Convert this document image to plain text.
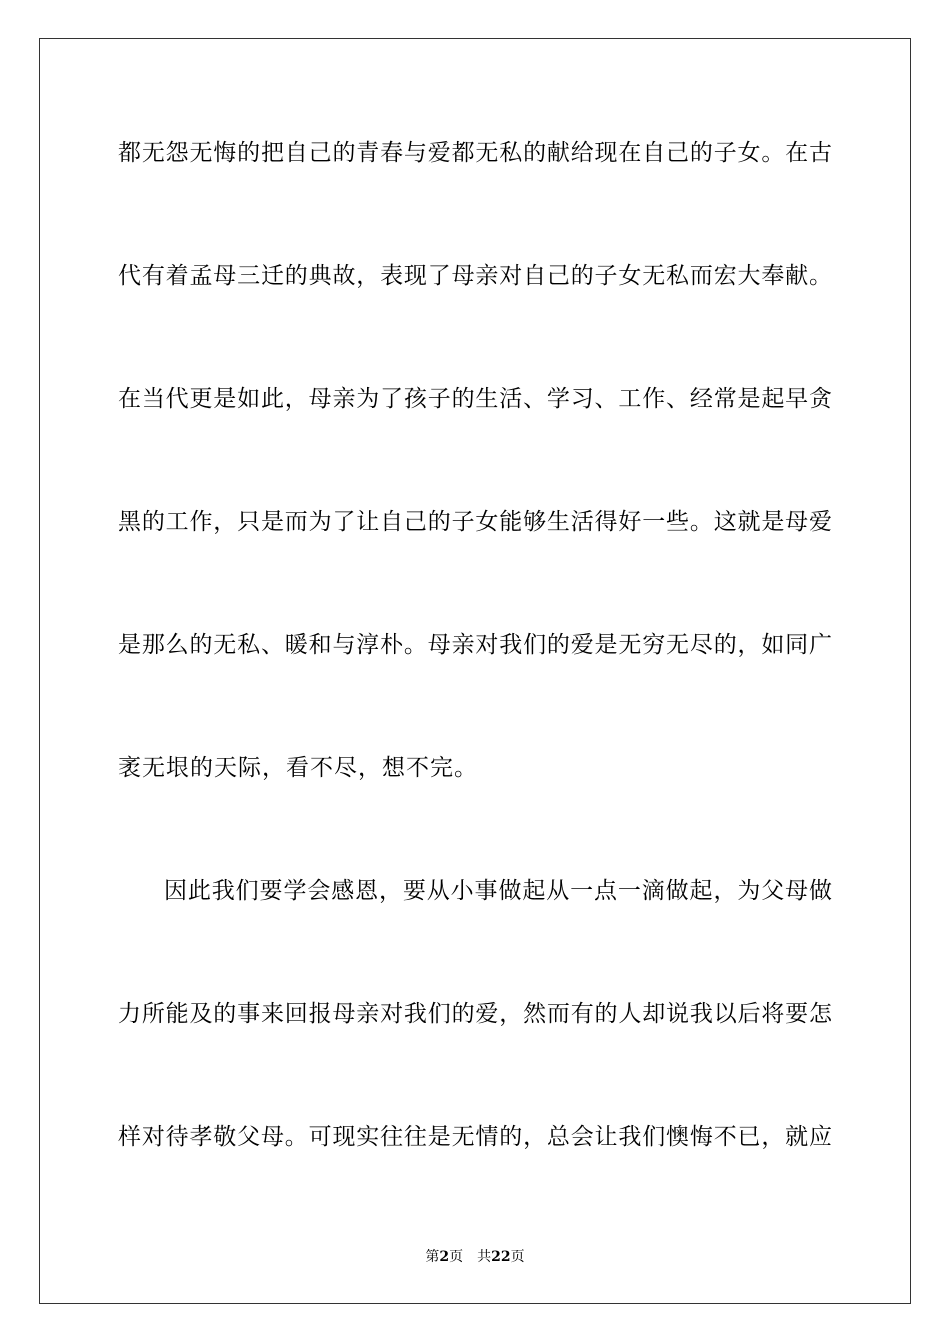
都无怨无悔的把自己的青春与爱都无私的献给现在自己的子女。在古
代有着孟母三迁的典故，表现了母亲对自己的子女无私而宏大奉献。
在当代更是如此，母亲为了孩子的生活、学习、工作、经常是起早贪
黑的工作，只是而为了让自己的子女能够生活得好一些。这就是母爱
是那么的无私、暖和与淳朴。母亲对我们的爱是无穷无尽的，如同广
袤无垠的天际，看不尽，想不完。
因此我们要学会感恩，要从小事做起从一点一滴做起，为父母做
力所能及的事来回报母亲对我们的爱，然而有的人却说我以后将要怎
样对待孝敬父母。可现实往往是无情的，总会让我们懊悔不已，就应
第2页 共22页
